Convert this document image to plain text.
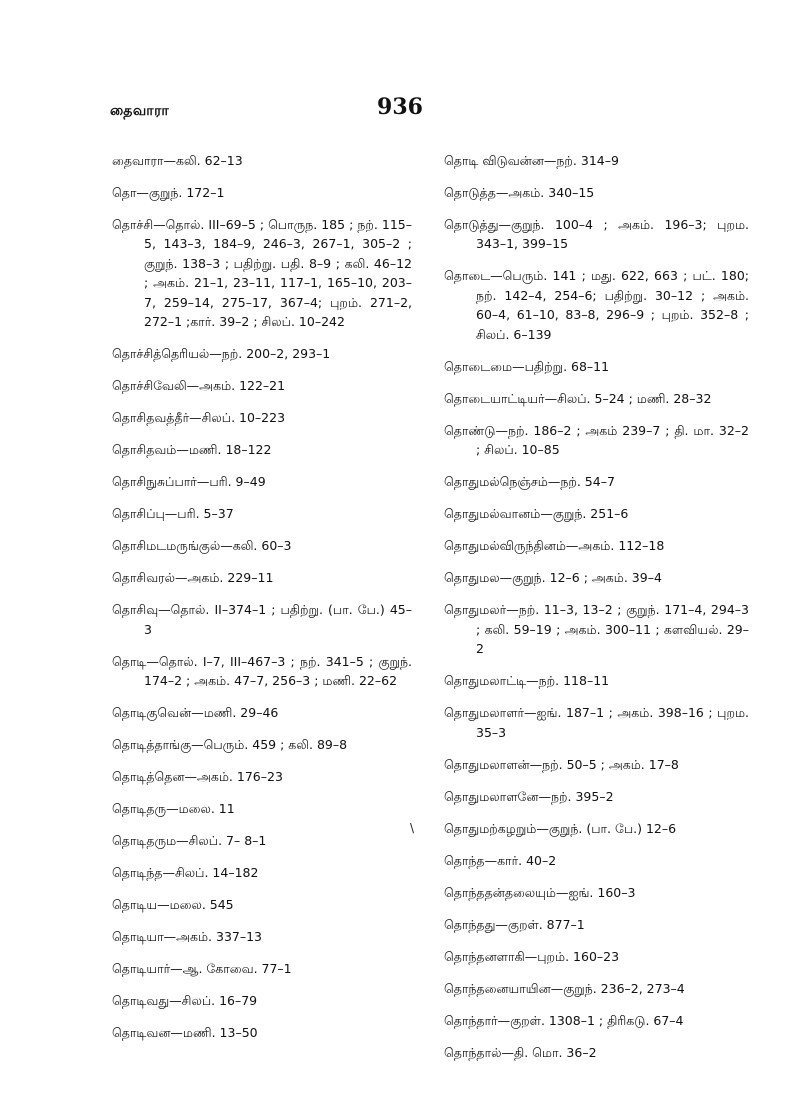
தைவாரா	936

தைவாரா—கலி. 62–13

தொ—குறுந். 172–1

தொச்சி—தொல். III–69–5 ; பொருந. 185 ; நற். 115–5, 143–3, 184–9, 246–3, 267–1, 305–2 ; குறுந். 138–3 ; பதிற்று. பதி. 8–9 ; கலி. 46–12 ; அகம். 21–1, 23–11, 117–1, 165–10, 203–7, 259–14, 275–17, 367–4; புறம். 271–2, 272–1 ;கார். 39–2 ; சிலப். 10–242

தொச்சித்தெரியல்—நற். 200–2, 293–1

தொச்சிவேலி—அகம். 122–21

தொசிதவத்தீர்—சிலப். 10–223

தொசிதவம்—மணி. 18–122

தொசிநுசுப்பார்—பரி. 9–49

தொசிப்பு—பரி. 5–37

தொசிமடமருங்குல்—கலி. 60–3

தொசிவரல்—அகம். 229–11

தொசிவு—தொல். II–374–1 ; பதிற்று. (பா. பே.) 45–3

தொடி—தொல். I–7, III–467–3 ; நற். 341–5 ; குறுந். 174–2 ; அகம். 47–7, 256–3 ; மணி. 22–62

தொடிகுவென்—மணி. 29–46

தொடித்தாங்கு—பெரும். 459 ; கலி. 89–8

தொடித்தென—அகம். 176–23

தொடிதரு—மலை. 11

தொடிதரும—சிலப். 7– 8–1

தொடிந்த—சிலப். 14–182

தொடிய—மலை. 545

தொடியா—அகம். 337–13

தொடியார்—ஆ. கோவை. 77–1

தொடிவது—சிலப். 16–79

தொடிவன—மணி. 13–50

தொடி விடுவன்ன—நற். 314–9

தொடுத்த—அகம். 340–15

தொடுத்து—குறுந். 100–4 ; அகம். 196–3; புறம. 343–1, 399–15

தொடை—பெரும். 141 ; மது. 622, 663 ; பட். 180; நற். 142–4, 254–6; பதிற்று. 30–12 ; அகம். 60–4, 61–10, 83–8, 296–9 ; புறம். 352–8 ; சிலப். 6–139

தொடைமை—பதிற்று. 68–11

தொடையாட்டியர்—சிலப். 5–24 ; மணி. 28–32

தொண்டு—நற். 186–2 ; அகம் 239–7 ; தி. மா. 32–2 ; சிலப். 10–85

தொதுமல்நெஞ்சம்—நற். 54–7

தொதுமல்வானம்—குறுந். 251–6

தொதுமல்விருந்தினம்—அகம். 112–18

தொதுமல—குறுந். 12–6 ; அகம். 39–4

தொதுமலர்—நற். 11–3, 13–2 ; குறுந். 171–4, 294–3 ; கலி. 59–19 ; அகம். 300–11 ; களவியல். 29–2

தொதுமலாட்டி—நற். 118–11

தொதுமலாளர்—ஐங். 187–1 ; அகம். 398–16 ; புறம. 35–3

தொதுமலாளன்—நற். 50–5 ; அகம். 17–8

தொதுமலாளனே—நற். 395–2

தொதுமற்கழறும்—குறுந். (பா. பே.) 12–6

தொந்த—கார். 40–2

தொந்ததன்தலையும்—ஐங். 160–3

தொந்தது—குறள். 877–1

தொந்தனளாகி—புறம். 160–23

தொந்தனையாயின—குறுந். 236–2, 273–4

தொந்தார்—குறள். 1308–1 ; திரிகடு. 67–4

தொந்தால்—தி. மொ. 36–2

\
